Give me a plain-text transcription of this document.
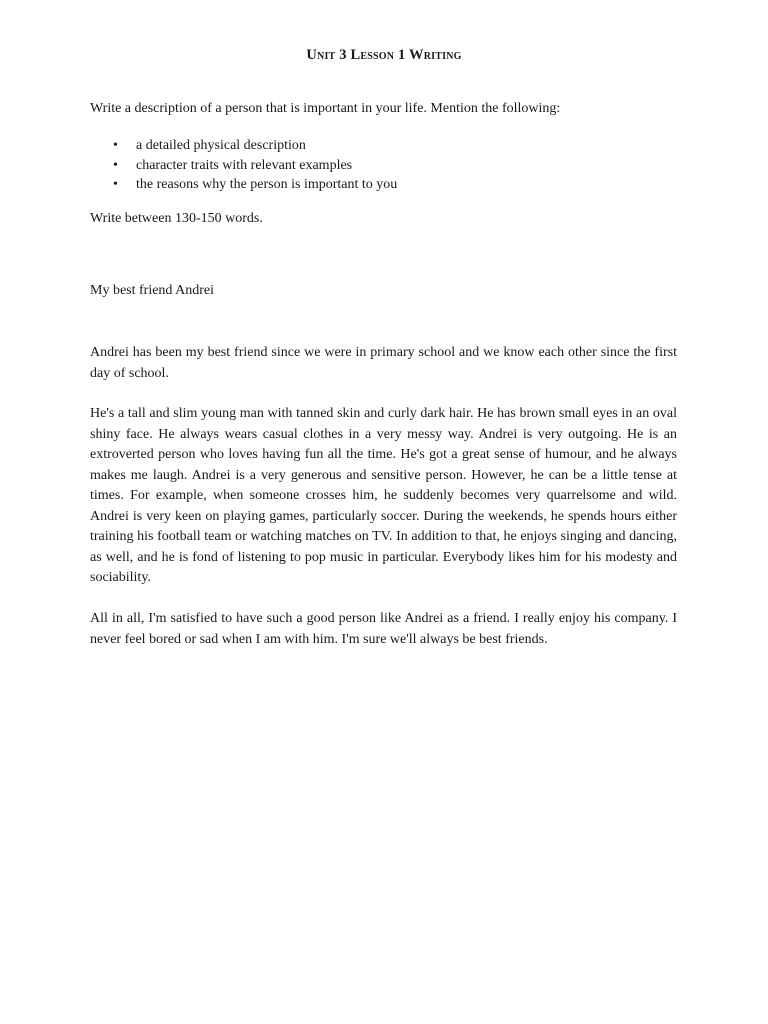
Unit 3 Lesson 1 Writing

Write a description of a person that is important in your life. Mention the following:

• a detailed physical description
• character traits with relevant examples
• the reasons why the person is important to you

Write between 130-150 words.

My best friend Andrei

Andrei has been my best friend since we were in primary school and we know each other since the first day of school.

He's a tall and slim young man with tanned skin and curly dark hair. He has brown small eyes in an oval shiny face. He always wears casual clothes in a very messy way. Andrei is very outgoing. He is an extroverted person who loves having fun all the time. He's got a great sense of humour, and he always makes me laugh. Andrei is a very generous and sensitive person. However, he can be a little tense at times. For example, when someone crosses him, he suddenly becomes very quarrelsome and wild. Andrei is very keen on playing games, particularly soccer. During the weekends, he spends hours either training his football team or watching matches on TV. In addition to that, he enjoys singing and dancing, as well, and he is fond of listening to pop music in particular. Everybody likes him for his modesty and sociability.

All in all, I'm satisfied to have such a good person like Andrei as a friend. I really enjoy his company. I never feel bored or sad when I am with him. I'm sure we'll always be best friends.
